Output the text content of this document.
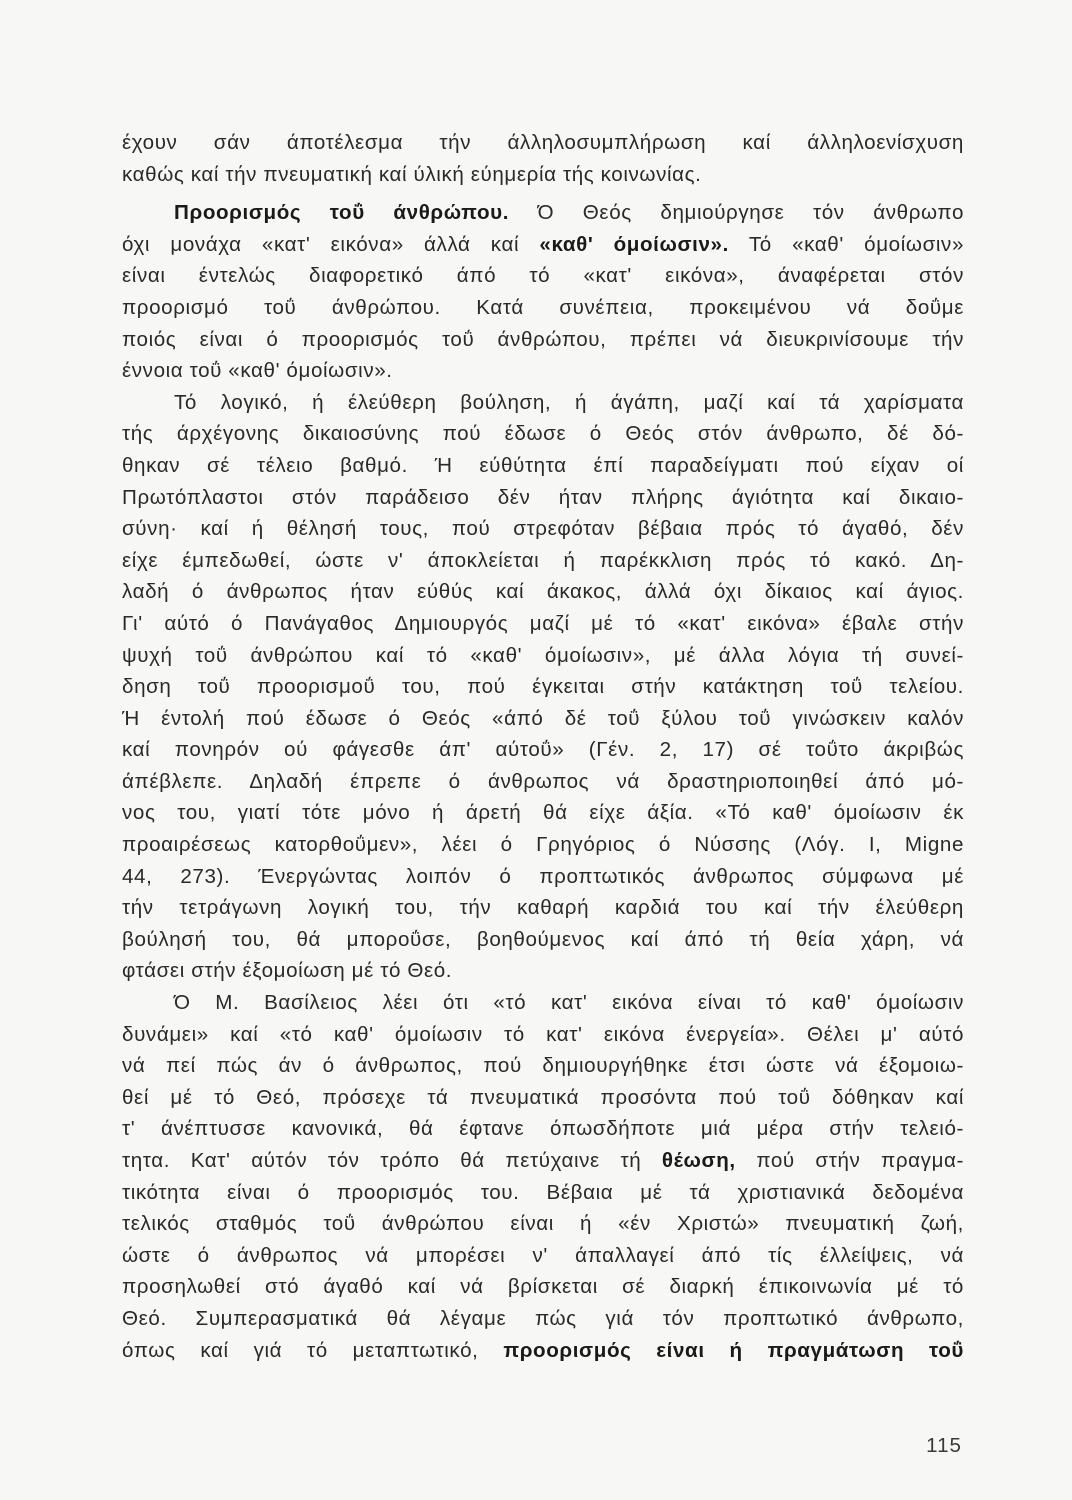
έχουν σάν άποτέλεσμα τήν άλληλοσυμπλήρωση καί άλληλοενίσχυση
καθώς καί τήν πνευματική καί ύλική εύημερία τής κοινωνίας.
Προορισμός τοΰ άνθρώπου. Ό Θεός δημιούργησε τόν άνθρωπο
όχι μονάχα «κατ' εικόνα» άλλά καί «καθ' όμοίωσιν». Τό «καθ' όμοίωσιν»
είναι έντελώς διαφορετικό άπό τό «κατ' εικόνα», άναφέρεται στόν
προορισμό τοΰ άνθρώπου. Κατά συνέπεια, προκειμένου νά δοΰμε
ποιός είναι ό προορισμός τοΰ άνθρώπου, πρέπει νά διευκρινίσουμε τήν
έννοια τοΰ «καθ' όμοίωσιν».
Τό λογικό, ή έλεύθερη βούληση, ή άγάπη, μαζί καί τά χαρίσματα
τής άρχέγονης δικαιοσύνης πού έδωσε ό Θεός στόν άνθρωπο, δέ δό-
θηκαν σέ τέλειο βαθμό. Ή εύθύτητα έπί παραδείγματι πού είχαν οί
Πρωτόπλαστοι στόν παράδεισο δέν ήταν πλήρης άγιότητα καί δικαιο-
σύνη· καί ή θέλησή τους, πού στρεφόταν βέβαια πρός τό άγαθό, δέν
είχε έμπεδωθεί, ώστε ν' άποκλείεται ή παρέκκλιση πρός τό κακό. Δη-
λαδή ό άνθρωπος ήταν εύθύς καί άκακος, άλλά όχι δίκαιος καί άγιος.
Γι' αύτό ό Πανάγαθος Δημιουργός μαζί μέ τό «κατ' εικόνα» έβαλε στήν
ψυχή τοΰ άνθρώπου καί τό «καθ' όμοίωσιν», μέ άλλα λόγια τή συνεί-
δηση τοΰ προορισμοΰ του, πού έγκειται στήν κατάκτηση τοΰ τελείου.
Ή έντολή πού έδωσε ό Θεός «άπό δέ τοΰ ξύλου τοΰ γινώσκειν καλόν
καί πονηρόν ού φάγεσθε άπ' αύτοΰ» (Γέν. 2, 17) σέ τοΰτο άκριβώς
άπέβλεπε. Δηλαδή έπρεπε ό άνθρωπος νά δραστηριοποιηθεί άπό μό-
νος του, γιατί τότε μόνο ή άρετή θά είχε άξία. «Τό καθ' όμοίωσιν έκ
προαιρέσεως κατορθοΰμεν», λέει ό Γρηγόριος ό Νύσσης (Λόγ. I, Migne
44, 273). Ένεργώντας λοιπόν ό προπτωτικός άνθρωπος σύμφωνα μέ
τήν τετράγωνη λογική του, τήν καθαρή καρδιά του καί τήν έλεύθερη
βούλησή του, θά μποροΰσε, βοηθούμενος καί άπό τή θεία χάρη, νά
φτάσει στήν έξομοίωση μέ τό Θεό.
Ό Μ. Βασίλειος λέει ότι «τό κατ' εικόνα είναι τό καθ' όμοίωσιν
δυνάμει» καί «τό καθ' όμοίωσιν τό κατ' εικόνα ένεργεία». Θέλει μ' αύτό
νά πεί πώς άν ό άνθρωπος, πού δημιουργήθηκε έτσι ώστε νά έξομοιω-
θεί μέ τό Θεό, πρόσεχε τά πνευματικά προσόντα πού τοΰ δόθηκαν καί
τ' άνέπτυσσε κανονικά, θά έφτανε όπωσδήποτε μιά μέρα στήν τελειό-
τητα. Κατ' αύτόν τόν τρόπο θά πετύχαινε τή θέωση, πού στήν πραγμα-
τικότητα είναι ό προορισμός του. Βέβαια μέ τά χριστιανικά δεδομένα
τελικός σταθμός τοΰ άνθρώπου είναι ή «έν Χριστώ» πνευματική ζωή,
ώστε ό άνθρωπος νά μπορέσει ν' άπαλλαγεί άπό τίς έλλείψεις, νά
προσηλωθεί στό άγαθό καί νά βρίσκεται σέ διαρκή έπικοινωνία μέ τό
Θεό. Συμπερασματικά θά λέγαμε πώς γιά τόν προπτωτικό άνθρωπο,
όπως καί γιά τό μεταπτωτικό, προορισμός είναι ή πραγμάτωση τοΰ
115
